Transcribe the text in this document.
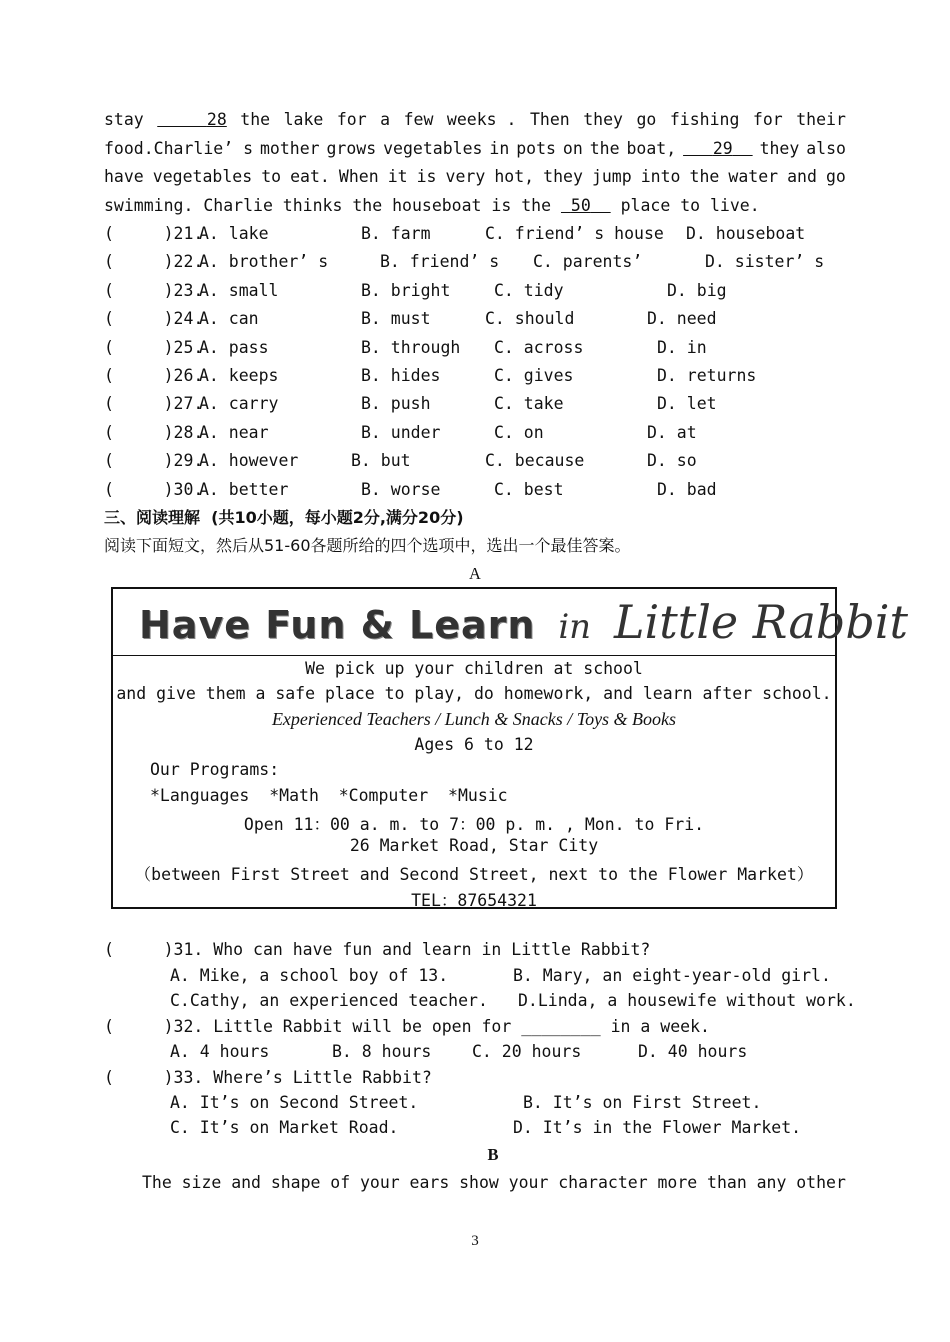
stay	28 the lake for a few weeks . Then they go fishing for their
food.Charlie’ s mother grows vegetables in pots on the boat,	29	they also
have vegetables to eat. When it is very hot, they jump into the water and go
swimming. Charlie thinks the houseboat is the  50   place to live.
(     )21.
A. lake	B. farm	C. friend’ s house D. houseboat
(     )22.
A. brother’ s	B. friend’ s C. parents’	D. sister’ s
(     )23.
A. small	B. bright	C. tidy	D. big
(     )24.
A. can	B. must	C. should	D. need
(     )25.
A. pass	B. through C. across	D. in
(     )26.
A. keeps	B. hides	C. gives	D. returns
(     )27.
A. carry	B. push	C. take	D. let
(     )28.
A. near	B. under	C. on	D. at
(     )29.
A. however	B. but	C. because	D. so
(     )30.
A. better	B. worse	C. best	D. bad
三、阅读理解  (共10小题，每小题2分,满分20分)
阅读下面短文，然后从51-60各题所给的四个选项中，选出一个最佳答案。
A
Have Fun & Learn in Little Rabbit
We pick up your children at school
and give them a safe place to play, do homework, and learn after school.
Experienced Teachers / Lunch & Snacks / Toys & Books
Ages 6 to 12
Our Programs:
*Languages  *Math  *Computer  *Music
Open 11：00 a. m. to 7：00 p. m. , Mon. to Fri.
26 Market Road, Star City
（between First Street and Second Street, next to the Flower Market）
TEL：87654321
(     )31. Who can have fun and learn in Little Rabbit?
A. Mike, a school boy of 13.	B. Mary, an eight-year-old girl.
C.Cathy, an experienced teacher. D.Linda, a housewife without work.
(     )32. Little Rabbit will be open for ________ in a week.
A. 4 hours	B. 8 hours C. 20 hours	D. 40 hours
(     )33. Where’s Little Rabbit?
A. It’s on Second Street.	B. It’s on First Street.
C. It’s on Market Road.	D. It’s in the Flower Market.
B
The size and shape of your ears show your character more than any other
3
